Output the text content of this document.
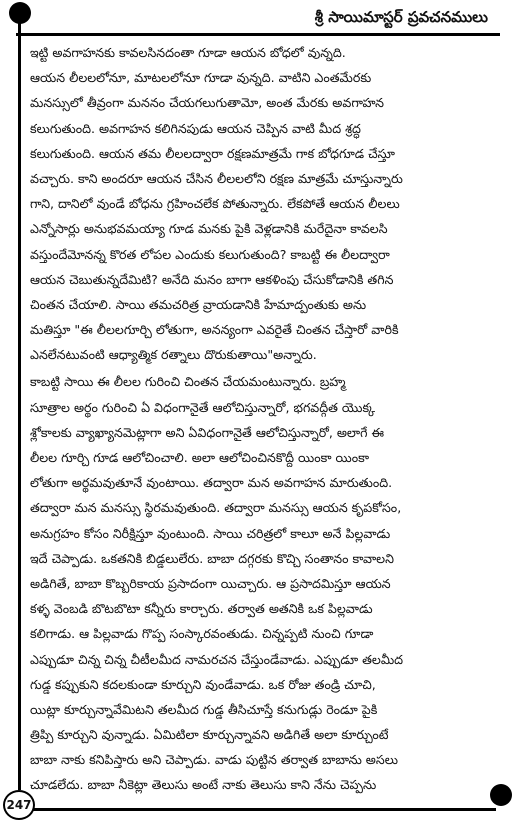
శ్రీ సాయిమాస్టర్ ప్రవచనములు
ఇట్టి అవగాహనకు కావలసినదంతా గూడా ఆయన బోధలో వున్నది.
ఆయన లీలలలోనూ, మాటలలోనూ గూడా వున్నది. వాటిని ఎంతమేరకు
మనస్సులో తీవ్రంగా మననం చేయగలుగుతామో, అంత మేరకు అవగాహన
కలుగుతుంది. అవగాహన కలిగినపుడు ఆయన చెప్పిన వాటి మీద శ్రద్ధ
కలుగుతుంది. ఆయన తమ లీలలద్వారా రక్షణమాత్రమే గాక బోధగూడ చేస్తూ
వచ్చారు. కాని అందరూ ఆయన చేసిన లీలలలోని రక్షణ మాత్రమే చూస్తున్నారు
గాని, దానిలో వుండే బోధను గ్రహించలేక పోతున్నారు. లేకపోతే ఆయన లీలలు
ఎన్నోసార్లు అనుభవమయ్యా గూడ మనకు పైకి వెళ్లడానికి మరేదైనా కావలసి
వస్తుందేమోనన్న కొరత లోపల ఎందుకు కలుగుతుంది? కాబట్టి ఈ లీలద్వారా
ఆయన చెబుతున్నదేమిటి? అనేది మనం బాగా ఆకళింపు చేసుకోడానికి తగిన
చింతన చేయాలి. సాయి తమచరిత్ర వ్రాయడానికి హేమాద్పంతుకు అను
మతిస్తూ "ఈ లీలలగూర్చి లోతుగా, అనన్యంగా ఎవరైతే చింతన చేస్తారో వారికి
ఎనలేనటువంటి ఆధ్యాత్మిక రత్నాలు దొరుకుతాయి"అన్నారు.
కాబట్టి సాయి ఈ లీలల గురించి చింతన చేయమంటున్నారు. బ్రహ్మ
సూత్రాల అర్థం గురించి ఏ విధంగానైతే ఆలోచిస్తున్నారో, భగవద్గీత యొక్క
శ్లోకాలకు వ్యాఖ్యానమెట్లాగా అని ఏవిధంగానైతే ఆలోచిస్తున్నారో, అలాగే ఈ
లీలల గూర్చి గూడ ఆలోచించాలి. అలా ఆలోచించినకొద్దీ యింకా యింకా
లోతుగా అర్థమవుతూనే వుంటాయి. తద్వారా మన అవగాహన మారుతుంది.
తద్వారా మన మనస్సు స్థిరమవుతుంది. తద్వారా మనస్సు ఆయన కృపకోసం,
అనుగ్రహం కోసం నిరీక్షిస్తూ వుంటుంది. సాయి చరిత్రలో కాలూ అనే పిల్లవాడు
ఇదే చెప్పాడు. ఒకతనికి బిడ్డలులేరు. బాబా దగ్గరకు కొచ్చి సంతానం కావాలని
అడిగితే, బాబా కొబ్బరికాయ ప్రసాదంగా యిచ్చారు. ఆ ప్రసాదమిస్తూ ఆయన
కళ్ళ వెంబడి బొటబొటా కన్నీరు కార్చారు. తర్వాత అతనికి ఒక పిల్లవాడు
కలిగాడు. ఆ పిల్లవాడు గొప్ప సంస్కారవంతుడు. చిన్నప్పటి నుంచి గూడా
ఎప్పుడూ చిన్న చిన్న చీటీలమీద నామరచన చేస్తుండేవాడు. ఎప్పుడూ తలమీద
గుడ్డ కప్పుకుని కదలకుండా కూర్చుని వుండేవాడు. ఒక రోజు తండ్రి చూచి,
యిట్లా కూర్చున్నావేమిటని తలమీద గుడ్డ తీసిచూస్తే కనుగుడ్లు రెండూ పైకి
త్రిప్పి కూర్చుని వున్నాడు. ఏమిటిలా కూర్చున్నావని అడిగితే అలా కూర్చుంటే
బాబా నాకు కనిపిస్తారు అని చెప్పాడు. వాడు పుట్టిన తర్వాత బాబాను అసలు
చూడలేదు. బాబా నీకెట్లా తెలుసు అంటే నాకు తెలుసు కాని నేను చెప్పను
247
